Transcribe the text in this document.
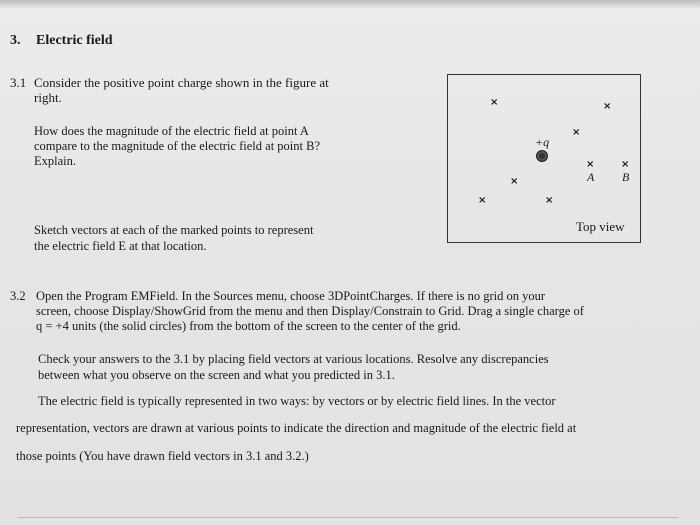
3. Electric field
3.1 Consider the positive point charge shown in the figure at
right.
How does the magnitude of the electric field at point A
compare to the magnitude of the electric field at point B?
Explain.
Sketch vectors at each of the marked points to represent
the electric field E at that location.
×	×
×
+q
×	×
A B
×
×	×
Top view
3.2 Open the Program EMField. In the Sources menu, choose 3DPointCharges. If there is no grid on your
screen, choose Display/ShowGrid from the menu and then Display/Constrain to Grid. Drag a single charge of
q = +4 units (the solid circles) from the bottom of the screen to the center of the grid.
Check your answers to the 3.1 by placing field vectors at various locations. Resolve any discrepancies
between what you observe on the screen and what you predicted in 3.1.
The electric field is typically represented in two ways: by vectors or by electric field lines. In the vector
representation, vectors are drawn at various points to indicate the direction and magnitude of the electric field at
those points (You have drawn field vectors in 3.1 and 3.2.)
